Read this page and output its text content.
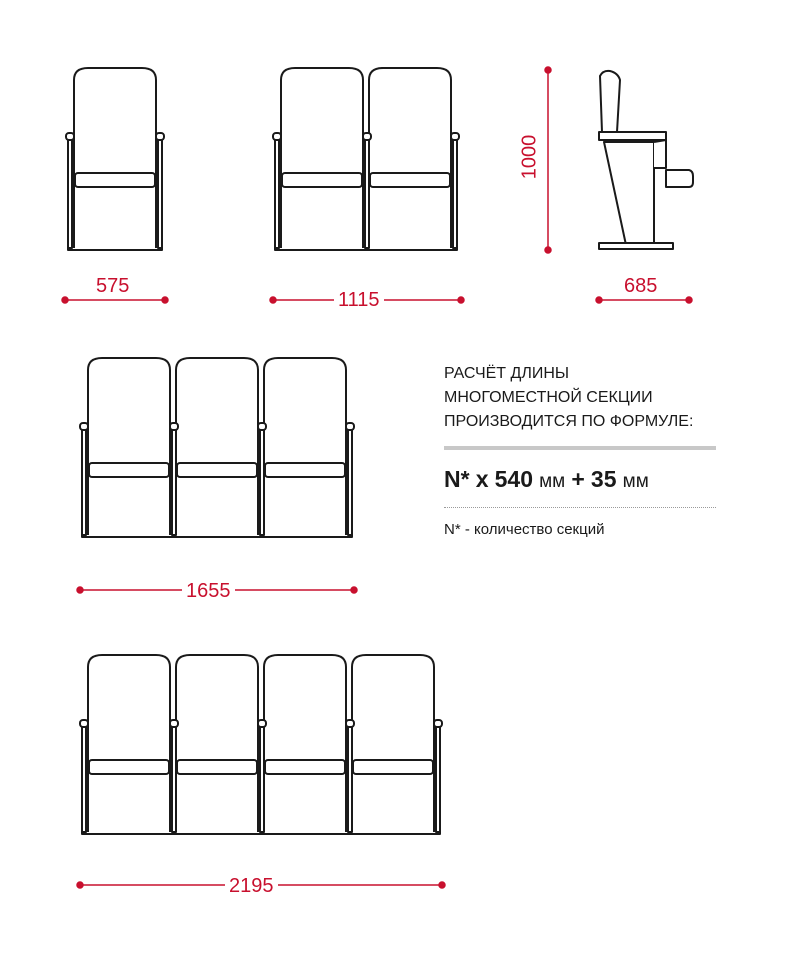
575
1115
1000
685
1655
2195

РАСЧЁТ ДЛИНЫ

МНОГОМЕСТНОЙ СЕКЦИИ

ПРОИЗВОДИТСЯ ПО ФОРМУЛЕ:

N* x 540 мм + 35 мм
N* - количество секций
